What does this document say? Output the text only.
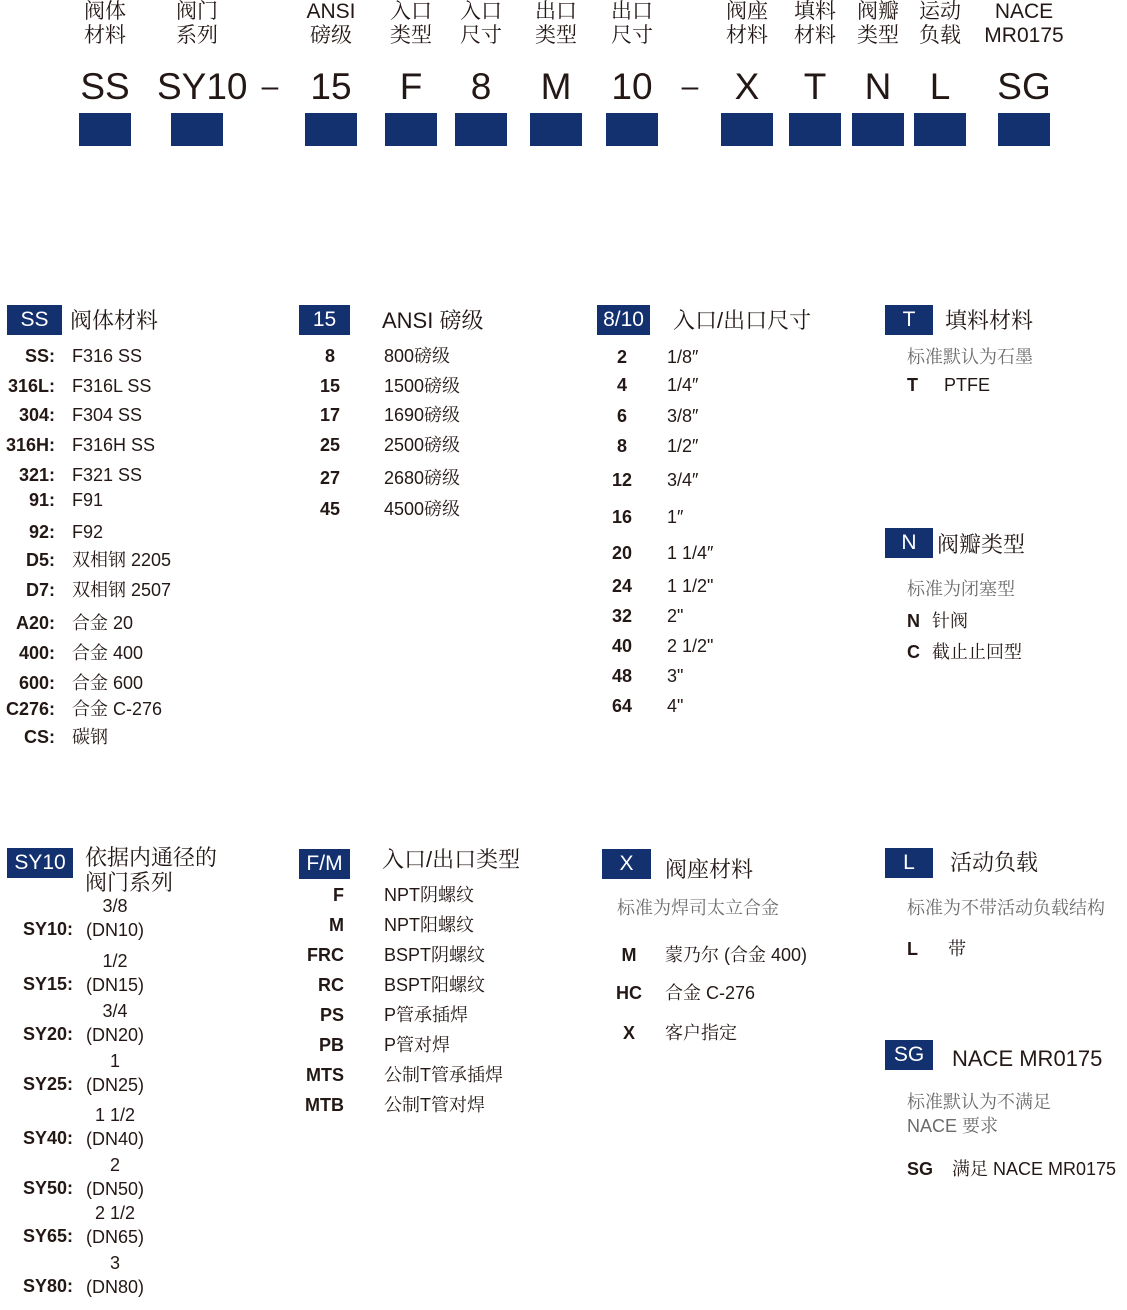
阀体
材料
SS
阀门
系列
SY10
ANSI
磅级
15
入口
类型
F
入口
尺寸
8
出口
类型
M
出口
尺寸
10
阀座
材料
X
填料
材料
T
阀瓣
类型
N
运动
负载
L
NACE
MR0175
SG
–	–
SS 阀体材料
SS: F316 SS
316L: F316L SS
304: F304 SS
316H: F316H SS
321: F321 SS
91: F91
92: F92
D5: 双相钢 2205
D7: 双相钢 2507
A20: 合金 20
400: 合金 400
600: 合金 600
C276: 合金 C-276
CS: 碳钢
15	ANSI 磅级
8	800磅级
15	1500磅级
17	1690磅级
25	2500磅级
27	2680磅级
45	4500磅级
8/10 入口/出口尺寸
2	1/8″
4	1/4″
6	3/8″
8	1/2″
12	3/4″
16	1″
20	1 1/4″
24	1 1/2"
32	2"
40	2 1/2"
48	3"
64	4"
T	填料材料
标准默认为石墨
T PTFE
N 阀瓣类型
标准为闭塞型
N 针阀
C 截止止回型
SY10 依据内通径的
阀门系列
SY10:
3/8
(DN10)
SY15:
1/2
(DN15)
SY20:
3/4
(DN20)
SY25:
1
(DN25)
SY40:
1 1/2
(DN40)
SY50:
2
(DN50)
SY65:
2 1/2
(DN65)
SY80:
3
(DN80)
F/M	入口/出口类型
F NPT阴螺纹
M NPT阳螺纹
FRC BSPT阴螺纹
RC BSPT阳螺纹
PS P管承插焊
PB P管对焊
MTS 公制T管承插焊
MTB 公制T管对焊
X	阀座材料
标准为焊司太立合金
M	蒙乃尔 (合金 400)
HC	合金 C-276
X	客户指定
L	活动负载
标准为不带活动负载结构
L 带
SG	NACE MR0175
标准默认为不满足
NACE 要求
SG 满足 NACE MR0175
